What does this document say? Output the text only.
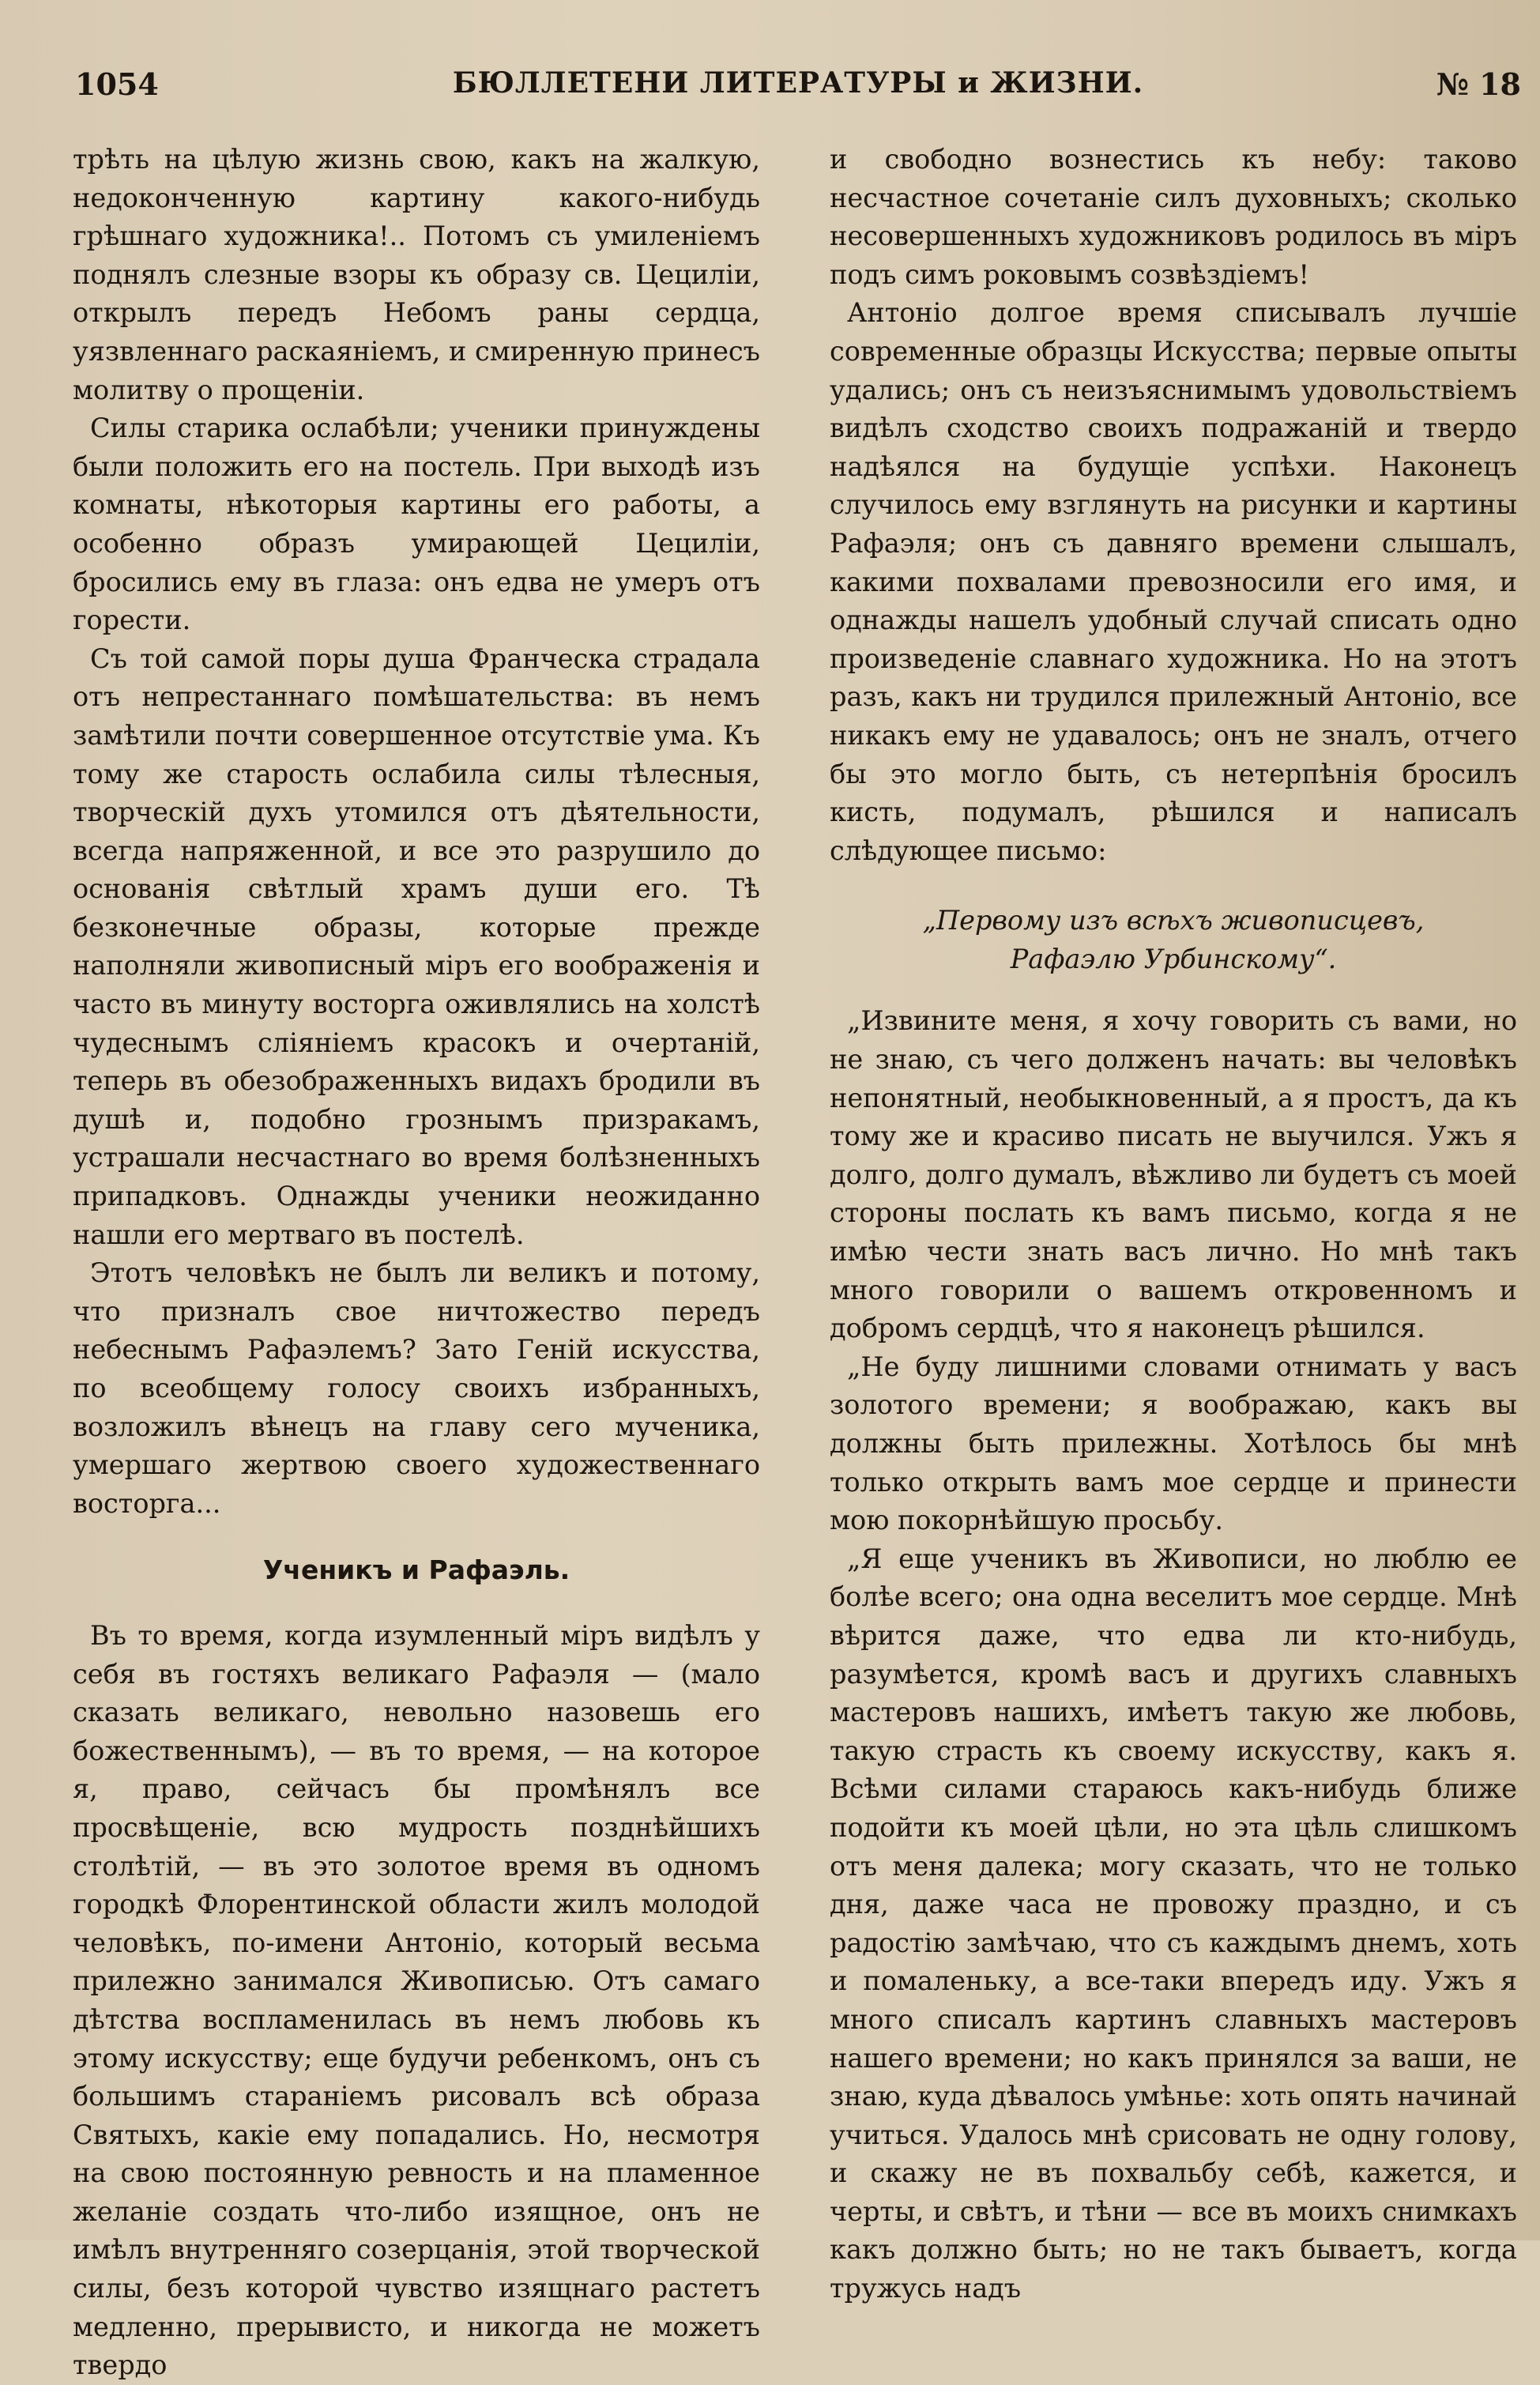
1054	БЮЛЛЕТЕНИ ЛИТЕРАТУРЫ и ЖИЗНИ.	№ 18

трѣть на цѣлую жизнь свою, какъ на жалкую, недоконченную картину какого-нибудь грѣшнаго художника!.. Потомъ съ умиленіемъ поднялъ слезные взоры къ образу св. Цециліи, открылъ передъ Небомъ раны сердца, уязвленнаго раскаяніемъ, и смиренную принесъ молитву о прощеніи.

Силы старика ослабѣли; ученики принуждены были положить его на постель. При выходѣ изъ комнаты, нѣкоторыя картины его работы, а особенно образъ умирающей Цециліи, бросились ему въ глаза: онъ едва не умеръ отъ горести.

Съ той самой поры душа Франческа страдала отъ непрестаннаго помѣшательства: въ немъ замѣтили почти совершенное отсутствіе ума. Къ тому же старость ослабила силы тѣлесныя, творческій духъ утомился отъ дѣятельности, всегда напряженной, и все это разрушило до основанія свѣтлый храмъ души его. Тѣ безконечные образы, которые прежде наполняли живописный міръ его воображенія и часто въ минуту восторга оживлялись на холстѣ чудеснымъ сліяніемъ красокъ и очертаній, теперь въ обезображенныхъ видахъ бродили въ душѣ и, подобно грознымъ призракамъ, устрашали несчастнаго во время болѣзненныхъ припадковъ. Однажды ученики неожиданно нашли его мертваго въ постелѣ.

Этотъ человѣкъ не былъ ли великъ и потому, что призналъ свое ничтожество передъ небеснымъ Рафаэлемъ? Зато Геній искусства, по всеобщему голосу своихъ избранныхъ, возложилъ вѣнецъ на главу сего мученика, умершаго жертвою своего художественнаго восторга...

Ученикъ и Рафаэль.

Въ то время, когда изумленный міръ видѣлъ у себя въ гостяхъ великаго Рафаэля — (мало сказать великаго, невольно назовешь его божественнымъ), — въ то время, — на которое я, право, сейчасъ бы промѣнялъ все просвѣщеніе, всю мудрость позднѣйшихъ столѣтій, — въ это золотое время въ одномъ городкѣ Флорентинской области жилъ молодой человѣкъ, по-имени Антоніо, который весьма прилежно занимался Живописью. Отъ самаго дѣтства воспламенилась въ немъ любовь къ этому искусству; еще будучи ребенкомъ, онъ съ большимъ стараніемъ рисовалъ всѣ образа Святыхъ, какіе ему попадались. Но, несмотря на свою постоянную ревность и на пламенное желаніе создать что-либо изящное, онъ не имѣлъ внутренняго созерцанія, этой творческой силы, безъ которой чувство изящнаго растетъ медленно, прерывисто, и никогда не можетъ твердо

и свободно вознестись къ небу: таково несчастное сочетаніе силъ духовныхъ; сколько несовершенныхъ художниковъ родилось въ міръ подъ симъ роковымъ созвѣздіемъ!

Антоніо долгое время списывалъ лучшіе современные образцы Искусства; первые опыты удались; онъ съ неизъяснимымъ удовольствіемъ видѣлъ сходство своихъ подражаній и твердо надѣялся на будущіе успѣхи. Наконецъ случилось ему взглянуть на рисунки и картины Рафаэля; онъ съ давняго времени слышалъ, какими похвалами превозносили его имя, и однажды нашелъ удобный случай списать одно произведеніе славнаго художника. Но на этотъ разъ, какъ ни трудился прилежный Антоніо, все никакъ ему не удавалось; онъ не зналъ, отчего бы это могло быть, съ нетерпѣнія бросилъ кисть, подумалъ, рѣшился и написалъ слѣдующее письмо:

„Первому изъ всѣхъ живописцевъ,
Рафаэлю Урбинскому“.

„Извините меня, я хочу говорить съ вами, но не знаю, съ чего долженъ начать: вы человѣкъ непонятный, необыкновенный, а я простъ, да къ тому же и красиво писать не выучился. Ужъ я долго, долго думалъ, вѣжливо ли будетъ съ моей стороны послать къ вамъ письмо, когда я не имѣю чести знать васъ лично. Но мнѣ такъ много говорили о вашемъ откровенномъ и добромъ сердцѣ, что я наконецъ рѣшился.

„Не буду лишними словами отнимать у васъ золотого времени; я воображаю, какъ вы должны быть прилежны. Хотѣлось бы мнѣ только открыть вамъ мое сердце и принести мою покорнѣйшую просьбу.

„Я еще ученикъ въ Живописи, но люблю ее болѣе всего; она одна веселитъ мое сердце. Мнѣ вѣрится даже, что едва ли кто-нибудь, разумѣется, кромѣ васъ и другихъ славныхъ мастеровъ нашихъ, имѣетъ такую же любовь, такую страсть къ своему искусству, какъ я. Всѣми силами стараюсь какъ-нибудь ближе подойти къ моей цѣли, но эта цѣль слишкомъ отъ меня далека; могу сказать, что не только дня, даже часа не провожу праздно, и съ радостію замѣчаю, что съ каждымъ днемъ, хоть и помаленьку, а все-таки впередъ иду. Ужъ я много списалъ картинъ славныхъ мастеровъ нашего времени; но какъ принялся за ваши, не знаю, куда дѣвалось умѣнье: хоть опять начинай учиться. Удалось мнѣ срисовать не одну голову, и скажу не въ похвальбу себѣ, кажется, и черты, и свѣтъ, и тѣни — все въ моихъ снимкахъ какъ должно быть; но не такъ бываетъ, когда тружусь надъ
